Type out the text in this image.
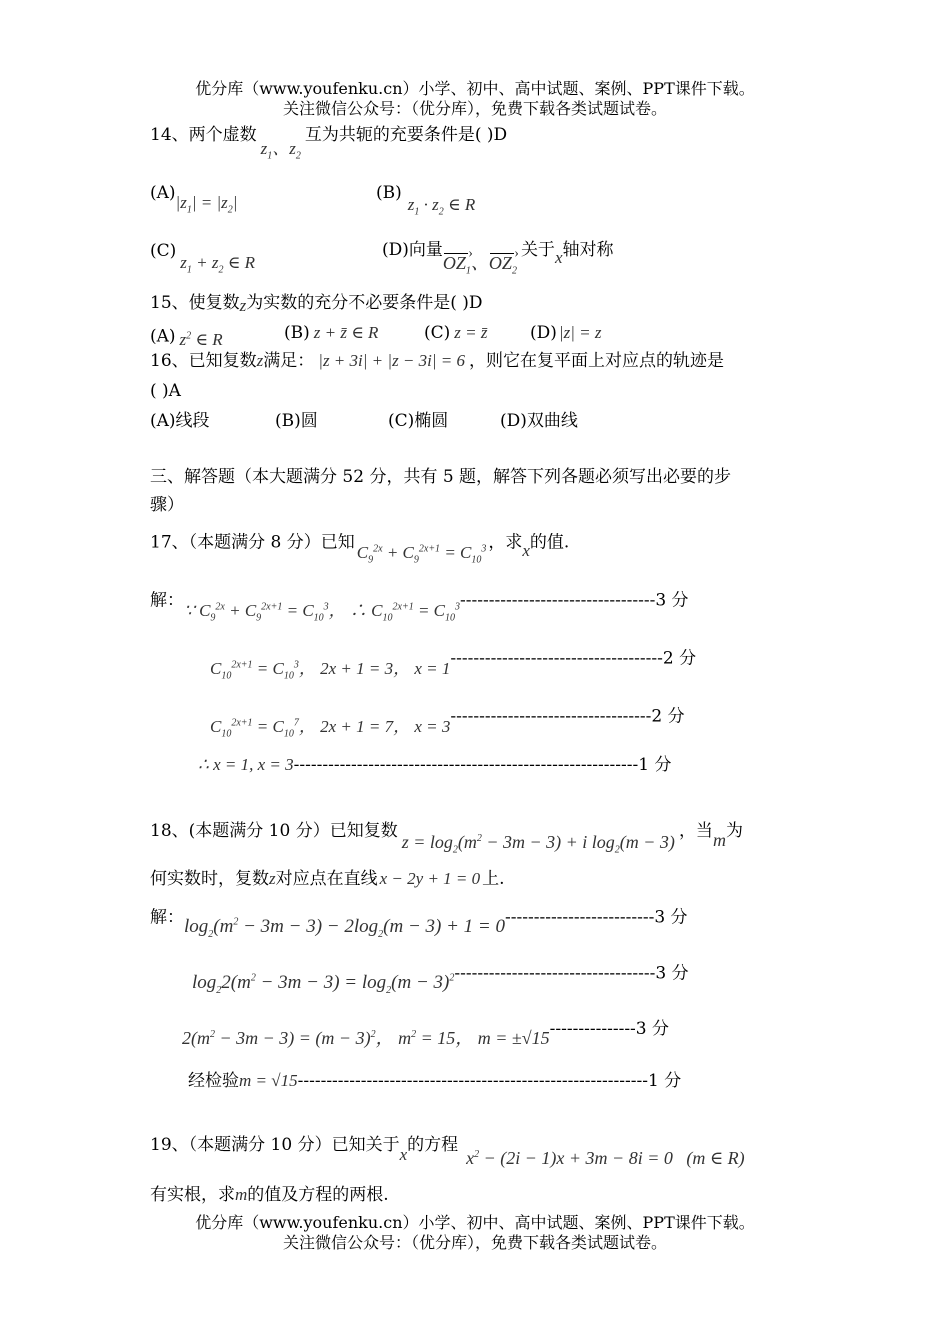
优分库（www.youfenku.cn）小学、初中、高中试题、案例、PPT课件下载。
关注微信公众号：（优分库），免费下载各类试题试卷。
14、两个虚数$z_1$、$z_2$互为共轭的充要条件是( )D
$(A)|z_1| = |z_2|$	$(B)z_1 \cdot z_2$ ∈ R
$(C)z_1 + z_2$ ∈ R
(D)向量$OZ_1$ ›、$OZ_2$ ›关于x轴对称
15、使复数z为实数的充分不必要条件是( )D
(A) $z^2$ ∈ R	(B) z + z̄ ∈ R	(C) z = z̄	(D) |z| = z
16、已知复数z满足： |z + 3i| + |z − 3i| = 6 ，则它在复平面上对应点的轨迹是
( )A
(A)线段	(B)圆	(C)椭圆	(D)双曲线
三、解答题（本大题满分 52 分，共有 5 题，解答下列各题必须写出必要的步
骤）
17、（本题满分 8 分）已知 $C_9^{2x} + C_9^{2x+1} = C_{10}^3$ ，求x的值.
解：∵ $C_9^{2x} + C_9^{2x+1} = C_{10}^3$， ∴ $C_{10}^{2x+1} = C_{10}^3----------------------------------3$ 分
$C_{10}^{2x+1} = C_{10}^3$， 2x + 1 = 3， x = 1-------------------------------------2 分
$C_{10}^{2x+1} = C_{10}^7$， 2x + 1 = 7， x = 3-----------------------------------2 分
∴ x = 1, x = 3------------------------------------------------------------1 分
18、(本题满分 10 分）已知复数$z = \log_2(m^2 - 3m - 3) + i$ $\log_2(m - 3)$，当m为
何实数时，复数z对应点在直线 x − 2y + 1 = 0 上.
解：$\log_2(m^2 - 3m - 3) - 2\log_2(m - 3) + 1 = 0--------------------------3$ 分
$\log_22(m^2 - 3m - 3) = \log_2(m - 3)^2-----------------------------------3$ 分
$2(m^2 - 3m - 3) = (m - 3)^2$， $m^2 = 15$， m = ±√15---------------3 分
经检验m = √15-------------------------------------------------------------1 分
19、（本题满分 10 分）已知关于x的方程$x^2 - (2i - 1)x + 3m - 8i = 0$   (m ∈ R)
有实根，求m的值及方程的两根.
优分库（www.youfenku.cn）小学、初中、高中试题、案例、PPT课件下载。
关注微信公众号：（优分库），免费下载各类试题试卷。
